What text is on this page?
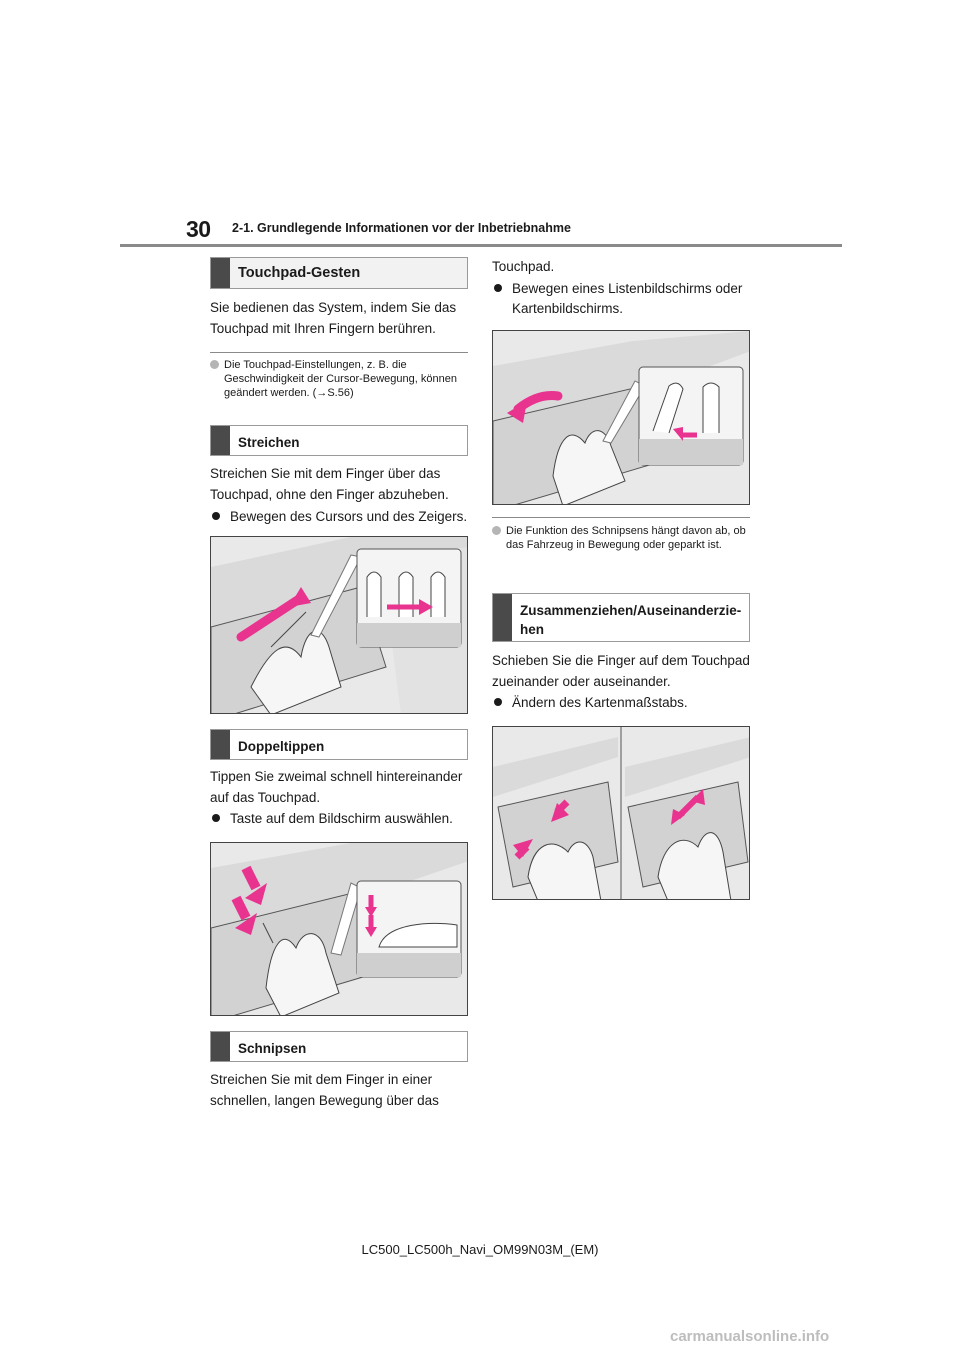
30 2-1. Grundlegende Informationen vor der Inbetriebnahme
Touchpad-Gesten
Sie bedienen das System, indem Sie das Touchpad mit Ihren Fingern berühren.
Die Touchpad-Einstellungen, z. B. die Geschwindigkeit der Cursor-Bewegung, können geändert werden. (→S.56)
Streichen
Streichen Sie mit dem Finger über das Touchpad, ohne den Finger abzuheben.
Bewegen des Cursors und des Zeigers.
Doppeltippen
Tippen Sie zweimal schnell hintereinander auf das Touchpad.
Taste auf dem Bildschirm auswählen.
Schnipsen
Streichen Sie mit dem Finger in einer schnellen, langen Bewegung über das
Touchpad.
Bewegen eines Listenbildschirms oder Kartenbildschirms.
Die Funktion des Schnipsens hängt davon ab, ob das Fahrzeug in Bewegung oder geparkt ist.
Zusammenziehen/Auseinanderzie-hen
Schieben Sie die Finger auf dem Touchpad zueinander oder auseinander.
Ändern des Kartenmaßstabs.
LC500_LC500h_Navi_OM99N03M_(EM)
carmanualsonline.info
